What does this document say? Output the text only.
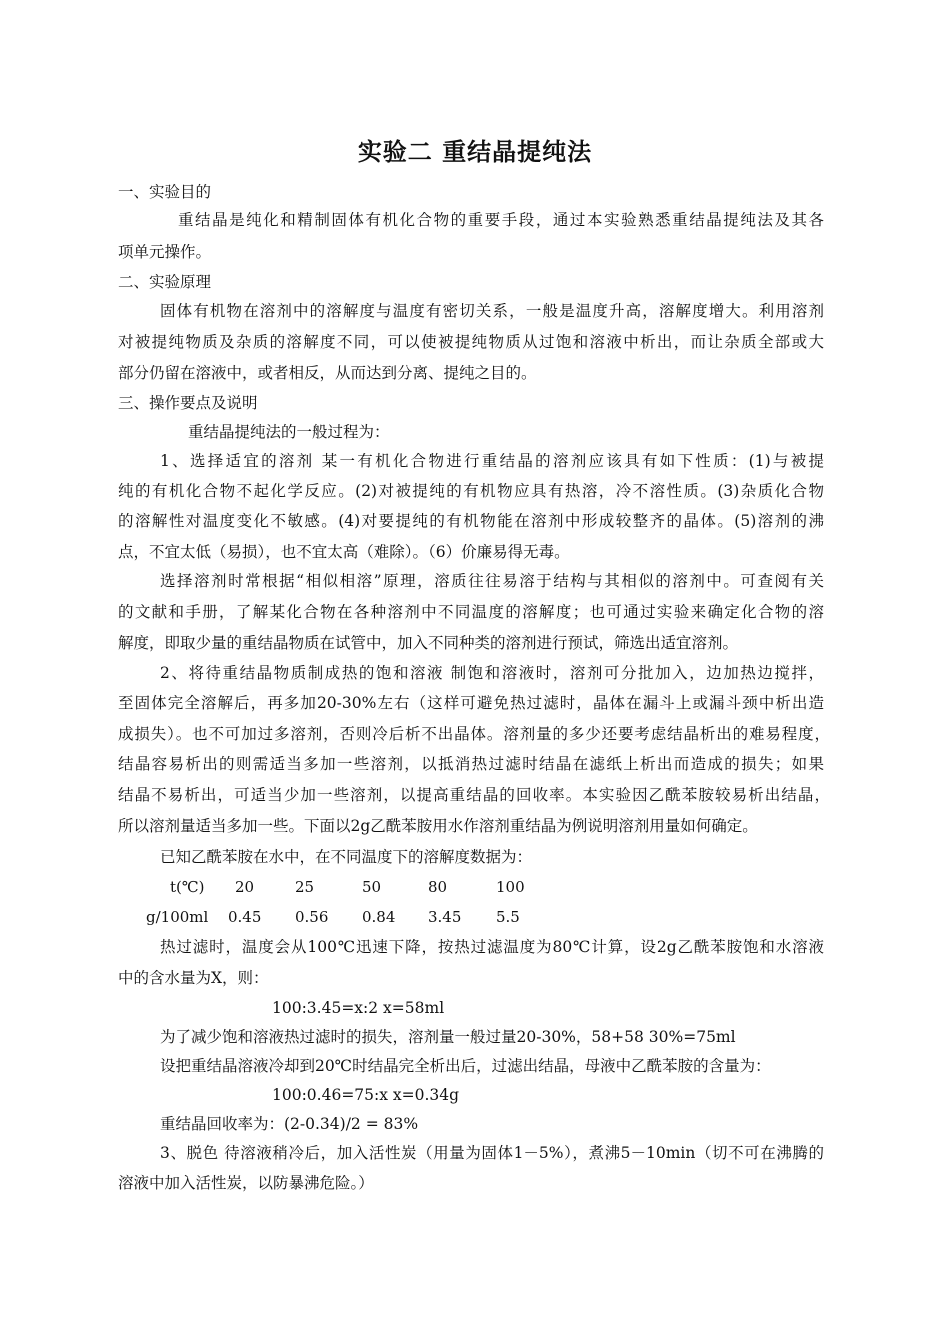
实验二 重结晶提纯法
一、实验目的
重结晶是纯化和精制固体有机化合物的重要手段，通过本实验熟悉重结晶提纯法及其各
项单元操作。
二、实验原理
固体有机物在溶剂中的溶解度与温度有密切关系，一般是温度升高，溶解度增大。利用溶剂
对被提纯物质及杂质的溶解度不同，可以使被提纯物质从过饱和溶液中析出，而让杂质全部或大
部分仍留在溶液中，或者相反，从而达到分离、提纯之目的。
三、操作要点及说明
重结晶提纯法的一般过程为：
1、选择适宜的溶剂 某一有机化合物进行重结晶的溶剂应该具有如下性质：(1)与被提
纯的有机化合物不起化学反应。(2)对被提纯的有机物应具有热溶，冷不溶性质。(3)杂质化合物
的溶解性对温度变化不敏感。(4)对要提纯的有机物能在溶剂中形成较整齐的晶体。(5)溶剂的沸
点，不宜太低（易损），也不宜太高（难除）。（6）价廉易得无毒。
选择溶剂时常根据“相似相溶”原理，溶质往往易溶于结构与其相似的溶剂中。可查阅有关
的文献和手册，了解某化合物在各种溶剂中不同温度的溶解度；也可通过实验来确定化合物的溶
解度，即取少量的重结晶物质在试管中，加入不同种类的溶剂进行预试，筛选出适宜溶剂。
2、将待重结晶物质制成热的饱和溶液 制饱和溶液时，溶剂可分批加入，边加热边搅拌，
至固体完全溶解后，再多加20-30%左右（这样可避免热过滤时，晶体在漏斗上或漏斗颈中析出造
成损失）。也不可加过多溶剂，否则冷后析不出晶体。溶剂量的多少还要考虑结晶析出的难易程度，
结晶容易析出的则需适当多加一些溶剂，以抵消热过滤时结晶在滤纸上析出而造成的损失；如果
结晶不易析出，可适当少加一些溶剂，以提高重结晶的回收率。本实验因乙酰苯胺较易析出结晶，
所以溶剂量适当多加一些。下面以2g乙酰苯胺用水作溶剂重结晶为例说明溶剂用量如何确定。
已知乙酰苯胺在水中，在不同温度下的溶解度数据为：
t(℃) 20	25	50	80	100
g/100ml 0.45 0.56 0.84 3.45 5.5
热过滤时，温度会从100℃迅速下降，按热过滤温度为80℃计算，设2g乙酰苯胺饱和水溶液
中的含水量为X，则：
100:3.45=x:2 x=58ml
为了减少饱和溶液热过滤时的损失，溶剂量一般过量20-30%，58+58 30%=75ml
设把重结晶溶液冷却到20℃时结晶完全析出后，过滤出结晶，母液中乙酰苯胺的含量为：
100:0.46=75:x x=0.34g
重结晶回收率为：(2-0.34)/2 = 83%
3、脱色 待溶液稍冷后，加入活性炭（用量为固体1－5%），煮沸5－10min（切不可在沸腾的
溶液中加入活性炭，以防暴沸危险。）
